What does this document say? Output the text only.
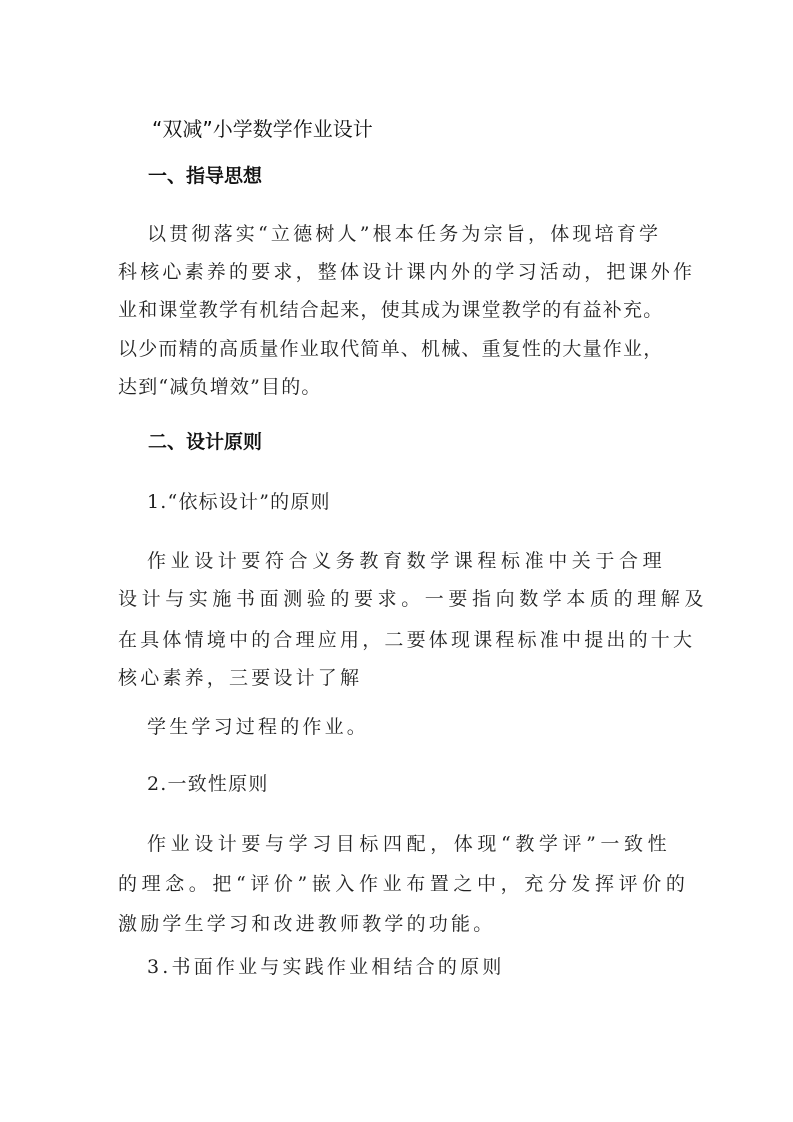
“双减”小学数学作业设计
一、指导思想
以贯彻落实“立德树人”根本任务为宗旨，体现培育学
科核心素养的要求，整体设计课内外的学习活动，把课外作
业和课堂教学有机结合起来，使其成为课堂教学的有益补充。
以少而精的高质量作业取代简单、机械、重复性的大量作业，
达到“减负增效”目的。
二、设计原则
1.“依标设计”的原则
作业设计要符合义务教育数学课程标准中关于合理
设计与实施书面测验的要求。一要指向数学本质的理解及
在具体情境中的合理应用，二要体现课程标准中提出的十大
核心素养，三要设计了解
学生学习过程的作业。
2.一致性原则
作业设计要与学习目标四配，体现“教学评”一致性
的理念。把“评价”嵌入作业布置之中，充分发挥评价的
激励学生学习和改进教师教学的功能。
3.书面作业与实践作业相结合的原则
